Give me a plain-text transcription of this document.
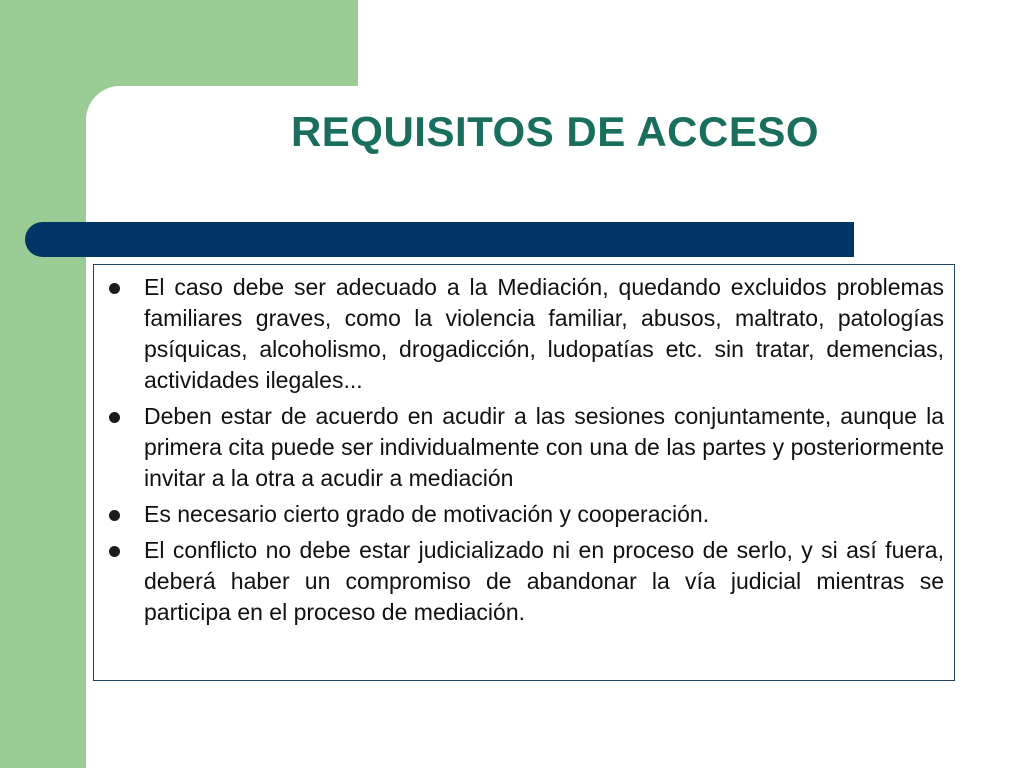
REQUISITOS DE ACCESO
El caso debe ser adecuado a la Mediación, quedando excluidos problemas familiares graves, como la violencia familiar, abusos, maltrato, patologías psíquicas, alcoholismo, drogadicción, ludopatías etc. sin tratar, demencias, actividades ilegales...
Deben estar de acuerdo en acudir a las sesiones conjuntamente, aunque la primera cita puede ser individualmente con una de las partes y posteriormente invitar a la otra a acudir a mediación
Es necesario cierto grado de motivación y cooperación.
El conflicto no debe estar judicializado ni en proceso de serlo, y si así fuera, deberá haber un compromiso de abandonar la vía judicial mientras se participa en el proceso de mediación.
